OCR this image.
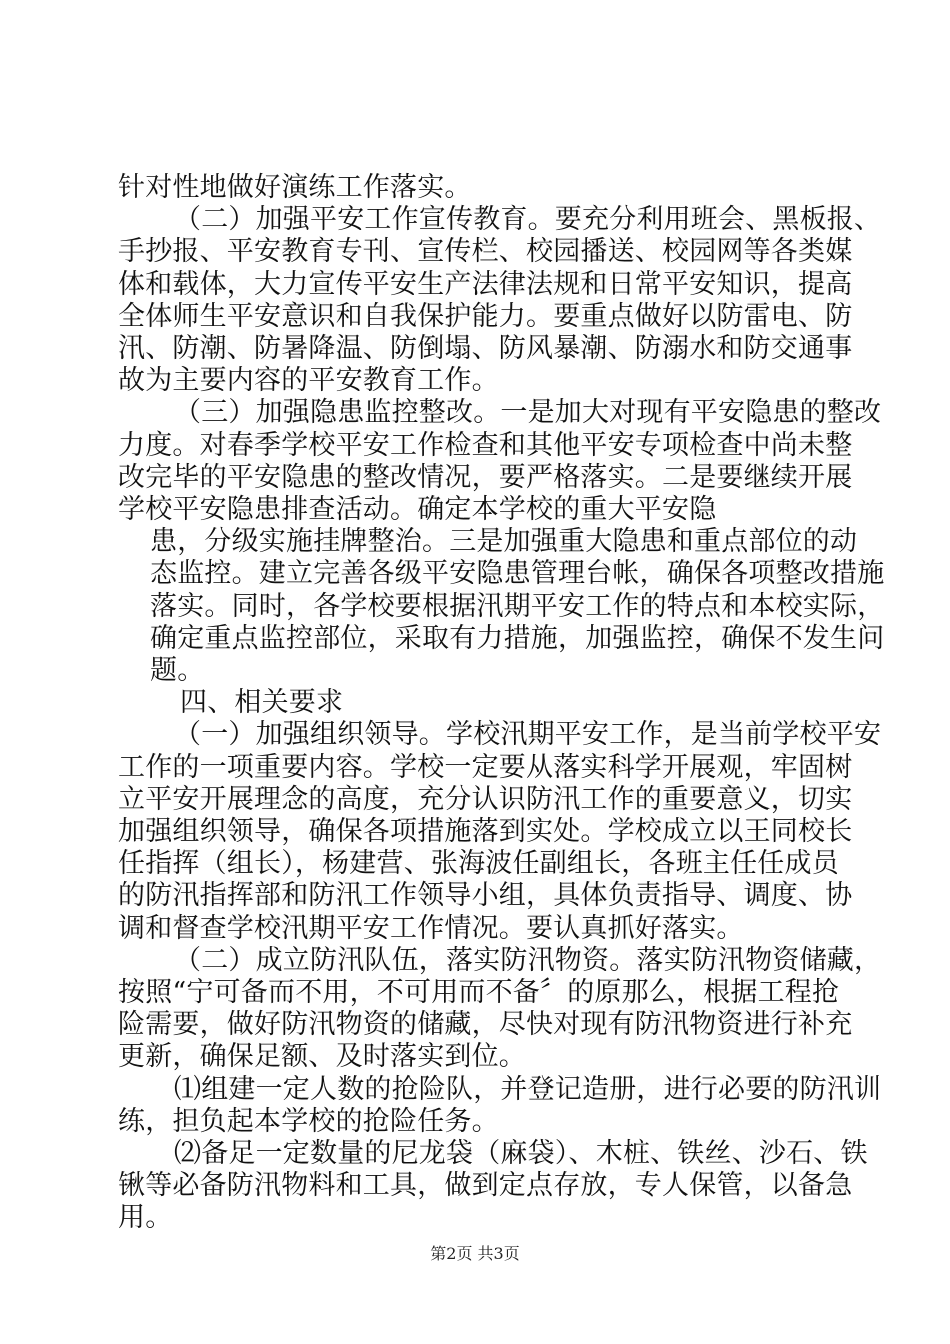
针对性地做好演练工作落实。
（二）加强平安工作宣传教育。要充分利用班会、黑板报、
手抄报、平安教育专刊、宣传栏、校园播送、校园网等各类媒
体和载体，大力宣传平安生产法律法规和日常平安知识，提高
全体师生平安意识和自我保护能力。要重点做好以防雷电、防
汛、防潮、防暑降温、防倒塌、防风暴潮、防溺水和防交通事
故为主要内容的平安教育工作。
（三）加强隐患监控整改。一是加大对现有平安隐患的整改
力度。对春季学校平安工作检查和其他平安专项检查中尚未整
改完毕的平安隐患的整改情况，要严格落实。二是要继续开展
学校平安隐患排查活动。确定本学校的重大平安隐
患，分级实施挂牌整治。三是加强重大隐患和重点部位的动
态监控。建立完善各级平安隐患管理台帐，确保各项整改措施
落实。同时，各学校要根据汛期平安工作的特点和本校实际，
确定重点监控部位，采取有力措施，加强监控，确保不发生问
题。
四、相关要求
（一）加强组织领导。学校汛期平安工作，是当前学校平安
工作的一项重要内容。学校一定要从落实科学开展观，牢固树
立平安开展理念的高度，充分认识防汛工作的重要意义，切实
加强组织领导，确保各项措施落到实处。学校成立以王同校长
任指挥（组长），杨建营、张海波任副组长，各班主任任成员
的防汛指挥部和防汛工作领导小组，具体负责指导、调度、协
调和督查学校汛期平安工作情况。要认真抓好落实。
（二）成立防汛队伍，落实防汛物资。落实防汛物资储藏，
按照“宁可备而不用，不可用而不备〞的原那么，根据工程抢
险需要，做好防汛物资的储藏，尽快对现有防汛物资进行补充
更新，确保足额、及时落实到位。
⑴组建一定人数的抢险队，并登记造册，进行必要的防汛训
练，担负起本学校的抢险任务。
⑵备足一定数量的尼龙袋（麻袋）、木桩、铁丝、沙石、铁
锹等必备防汛物料和工具，做到定点存放，专人保管，以备急
用。
第2页 共3页
